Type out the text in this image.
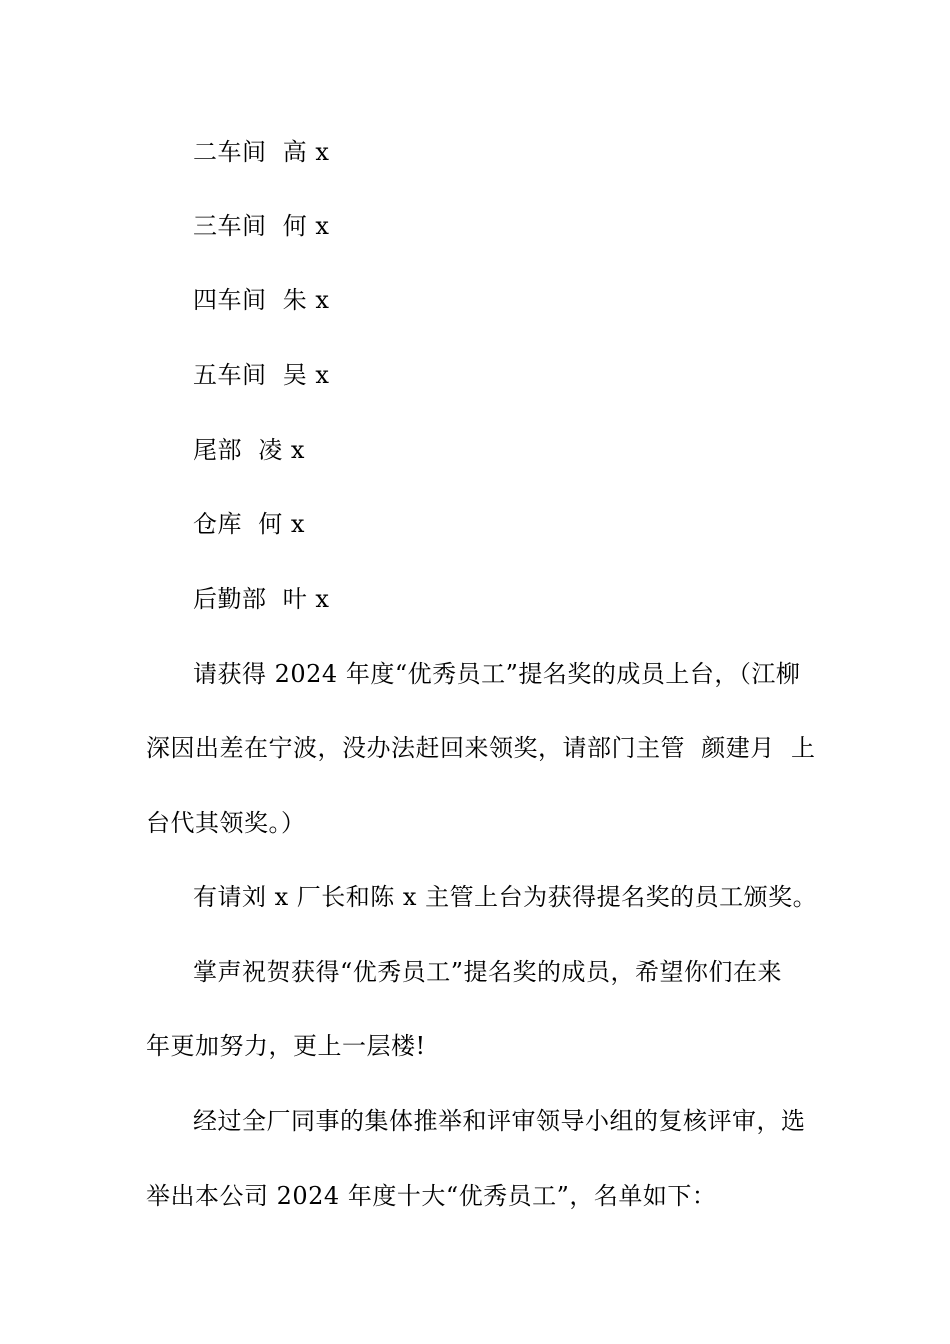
二车间  高 x
三车间  何 x
四车间  朱 x
五车间  吴 x
尾部  凌 x
仓库  何 x
后勤部  叶 x
请获得 2024 年度“优秀员工”提名奖的成员上台，（江柳
深因出差在宁波，没办法赶回来领奖，请部门主管  颜建月  上
台代其领奖。）
有请刘 x 厂长和陈 x 主管上台为获得提名奖的员工颁奖。
掌声祝贺获得“优秀员工”提名奖的成员，希望你们在来
年更加努力，更上一层楼!
经过全厂同事的集体推举和评审领导小组的复核评审，选
举出本公司 2024 年度十大“优秀员工”，名单如下：
